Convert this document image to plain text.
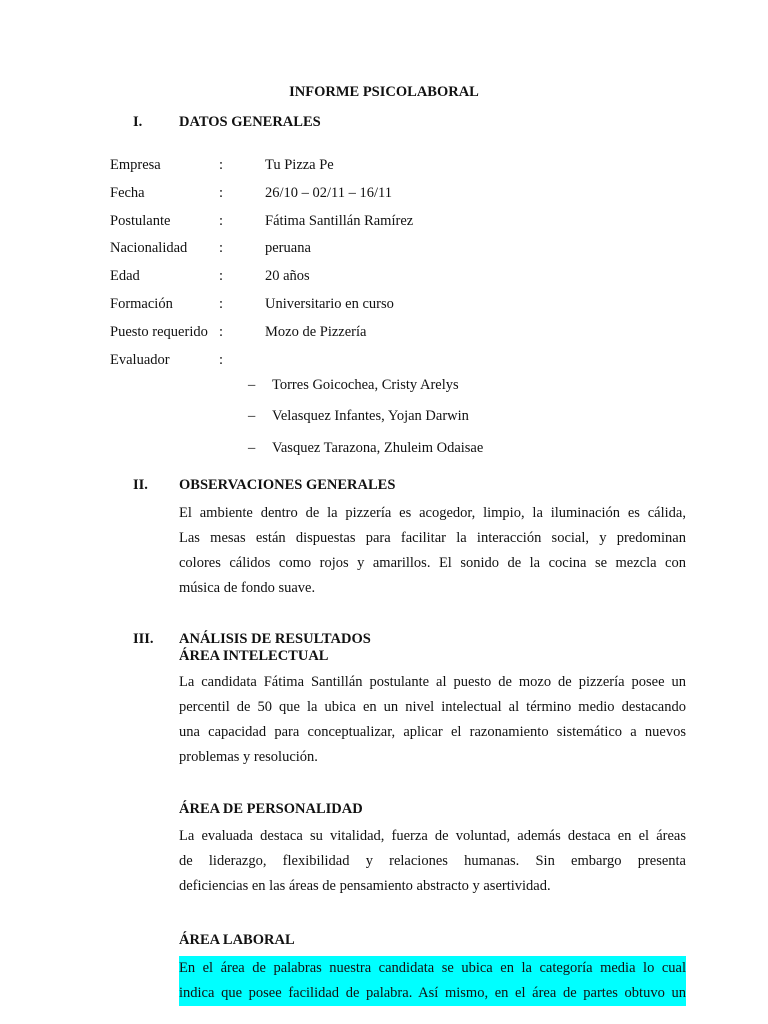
INFORME PSICOLABORAL
I.	DATOS GENERALES
Empresa	:	Tu Pizza Pe
Fecha	:	26/10 – 02/11 – 16/11
Postulante	:	Fátima Santillán Ramírez
Nacionalidad :	peruana
Edad	:	20 años
Formación	:	Universitario en curso
Puesto requerido :	Mozo de Pizzería
Evaluador	:
– Torres Goicochea, Cristy Arelys
– Velasquez Infantes, Yojan Darwin
– Vasquez Tarazona, Zhuleim Odaisae
II. OBSERVACIONES GENERALES
El ambiente dentro de la pizzería es acogedor, limpio, la iluminación es cálida,
Las mesas están dispuestas para facilitar la interacción social, y predominan
colores cálidos como rojos y amarillos. El sonido de la cocina se mezcla con
música de fondo suave.
III. ANÁLISIS DE RESULTADOS
ÁREA INTELECTUAL
La candidata Fátima Santillán postulante al puesto de mozo de pizzería posee un
percentil de 50 que la ubica en un nivel intelectual al término medio destacando
una capacidad para conceptualizar, aplicar el razonamiento sistemático a nuevos
problemas y resolución.
ÁREA DE PERSONALIDAD
La evaluada destaca su vitalidad, fuerza de voluntad, además destaca en el áreas
de liderazgo, flexibilidad y relaciones humanas. Sin embargo presenta
deficiencias en las áreas de pensamiento abstracto y asertividad.
ÁREA LABORAL
En el área de palabras nuestra candidata se ubica en la categoría media lo cual
indica que posee facilidad de palabra. Así mismo, en el área de partes obtuvo un
